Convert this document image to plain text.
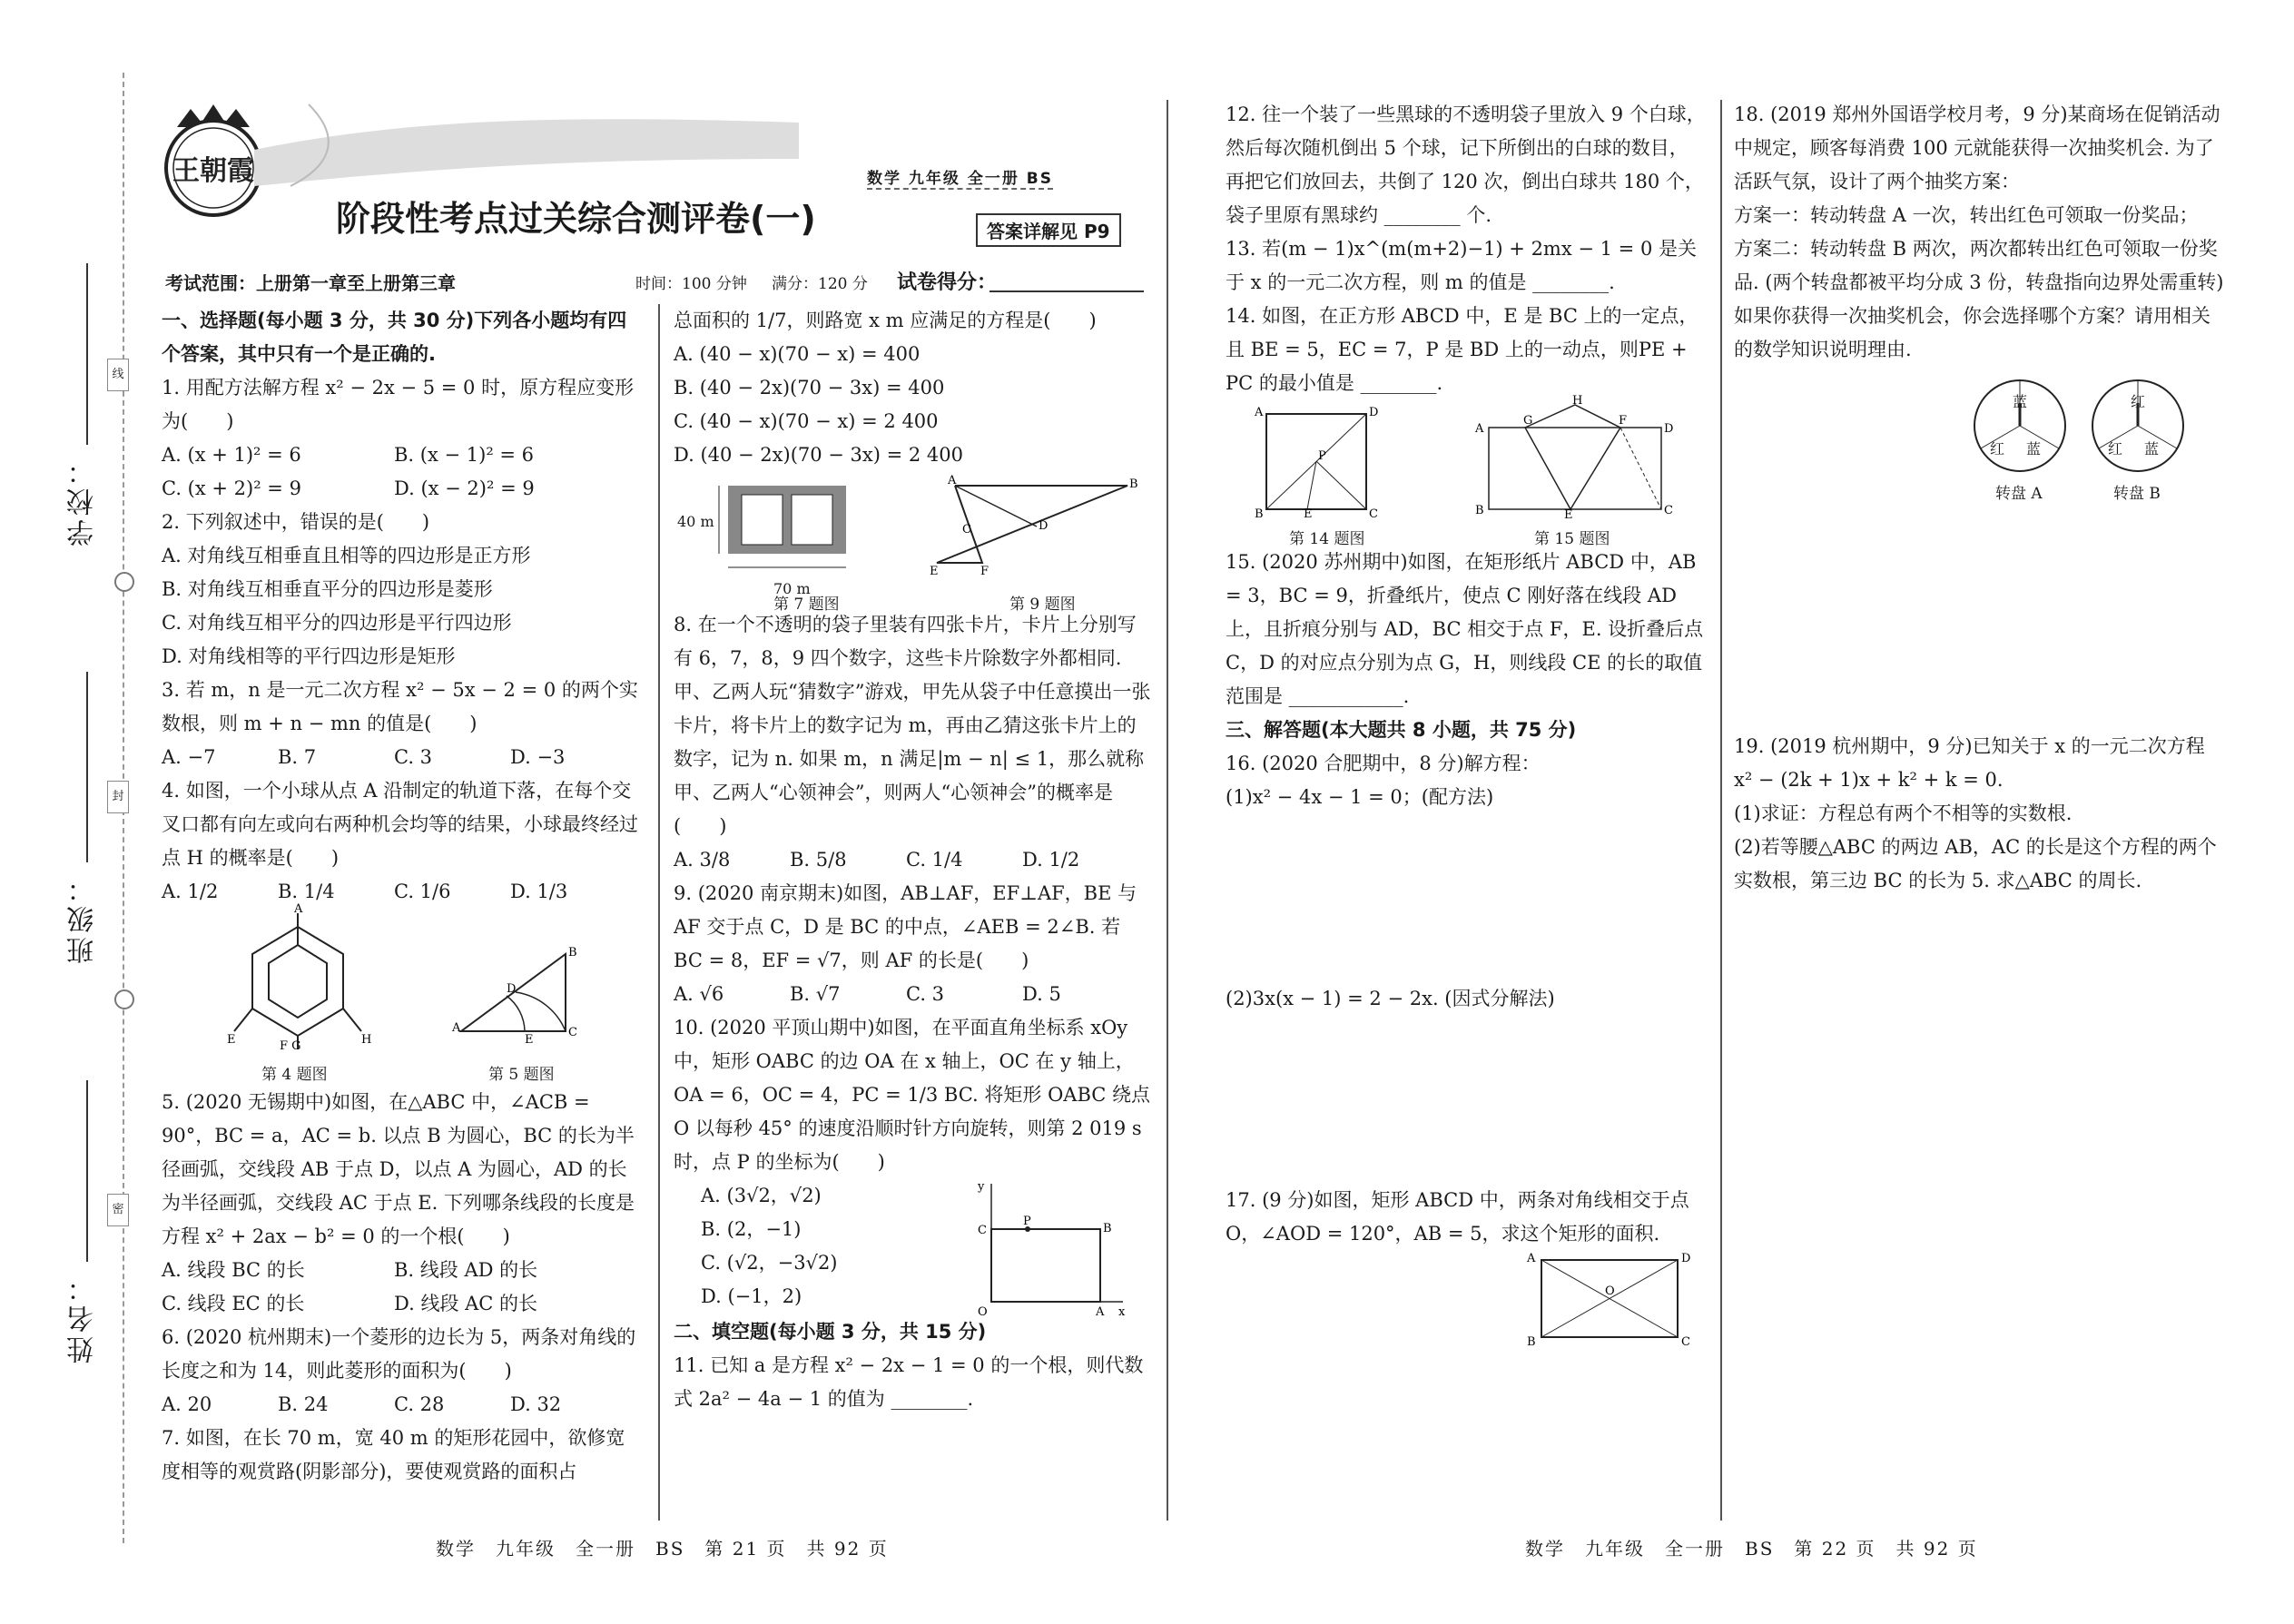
学校：
班级：
姓名：
线
封
密
王朝霞
阶段性考点过关综合测评卷(一)
数学 九年级 全一册 BS
答案详解见 P9
考试范围：上册第一章至上册第三章	时间：100 分钟 满分：120 分 试卷得分：

一、选择题(每小题 3 分，共 30 分)下列各小题均有四个答案，其中只有一个是正确的.

1. 用配方法解方程 x² − 2x − 5 = 0 时，原方程应变形为(　　)

A. (x + 1)² = 6	B. (x − 1)² = 6
C. (x + 2)² = 9	D. (x − 2)² = 9

2. 下列叙述中，错误的是(　　)

A. 对角线互相垂直且相等的四边形是正方形

B. 对角线互相垂直平分的四边形是菱形

C. 对角线互相平分的四边形是平行四边形

D. 对角线相等的平行四边形是矩形

3. 若 m，n 是一元二次方程 x² − 5x − 2 = 0 的两个实数根，则 m + n − mn 的值是(　　)

A. −7	B. 7	C. 3	D. −3

4. 如图，一个小球从点 A 沿制定的轨道下落，在每个交叉口都有向左或向右两种机会均等的结果，小球最终经过点 H 的概率是(　　)

A. 1/2	B. 1/4	C. 1/6	D. 1/3
A
E	F G	H
A
B
C
D
E
第 4 题图	第 5 题图

5. (2020 无锡期中)如图，在△ABC 中，∠ACB = 90°，BC = a，AC = b. 以点 B 为圆心，BC 的长为半径画弧，交线段 AB 于点 D，以点 A 为圆心，AD 的长为半径画弧，交线段 AC 于点 E. 下列哪条线段的长度是方程 x² + 2ax − b² = 0 的一个根(　　)

A. 线段 BC 的长	B. 线段 AD 的长
C. 线段 EC 的长	D. 线段 AC 的长

6. (2020 杭州期末)一个菱形的边长为 5，两条对角线的长度之和为 14，则此菱形的面积为(　　)

A. 20	B. 24	C. 28	D. 32

7. 如图，在长 70 m，宽 40 m 的矩形花园中，欲修宽度相等的观赏路(阴影部分)，要使观赏路的面积占

总面积的 1/7，则路宽 x m 应满足的方程是(　　)

A. (40 − x)(70 − x) = 400

B. (40 − 2x)(70 − 3x) = 400

C. (40 − x)(70 − x) = 2 400

D. (40 − 2x)(70 − 3x) = 2 400

40 m
70 m
A	B
C	D
E	F
第 7 题图	第 9 题图

8. 在一个不透明的袋子里装有四张卡片，卡片上分别写有 6，7，8，9 四个数字，这些卡片除数字外都相同. 甲、乙两人玩“猜数字”游戏，甲先从袋子中任意摸出一张卡片，将卡片上的数字记为 m，再由乙猜这张卡片上的数字，记为 n. 如果 m，n 满足|m − n| ≤ 1，那么就称甲、乙两人“心领神会”，则两人“心领神会”的概率是(　　)

A. 3/8	B. 5/8	C. 1/4	D. 1/2

9. (2020 南京期末)如图，AB⊥AF，EF⊥AF，BE 与 AF 交于点 C，D 是 BC 的中点，∠AEB = 2∠B. 若 BC = 8，EF = √7，则 AF 的长是(　　)

A. √6	B. √7	C. 3	D. 5

10. (2020 平顶山期中)如图，在平面直角坐标系 xOy 中，矩形 OABC 的边 OA 在 x 轴上，OC 在 y 轴上，OA = 6，OC = 4，PC = 1/3 BC. 将矩形 OABC 绕点 O 以每秒 45° 的速度沿顺时针方向旋转，则第 2 019 s 时，点 P 的坐标为(　　)

A. (3√2，√2)

B. (2，−1)

C. (√2，−3√2)

D. (−1，2)

x
y
O	A
B
C
P

二、填空题(每小题 3 分，共 15 分)

11. 已知 a 是方程 x² − 2x − 1 = 0 的一个根，则代数式 2a² − 4a − 1 的值为 ________.

12. 往一个装了一些黑球的不透明袋子里放入 9 个白球，然后每次随机倒出 5 个球，记下所倒出的白球的数目，再把它们放回去，共倒了 120 次，倒出白球共 180 个，袋子里原有黑球约 ________ 个.

13. 若(m − 1)x^(m(m+2)−1) + 2mx − 1 = 0 是关于 x 的一元二次方程，则 m 的值是 ________.

14. 如图，在正方形 ABCD 中，E 是 BC 上的一定点，且 BE = 5，EC = 7，P 是 BD 上的一动点，则PE + PC 的最小值是 ________.

A	D
B	E	C
P
A
G
H
F
D
B	E	C
第 14 题图	第 15 题图

15. (2020 苏州期中)如图，在矩形纸片 ABCD 中，AB = 3，BC = 9，折叠纸片，使点 C 刚好落在线段 AD 上，且折痕分别与 AD，BC 相交于点 F，E. 设折叠后点 C，D 的对应点分别为点 G，H，则线段 CE 的长的取值范围是 ____________.

三、解答题(本大题共 8 小题，共 75 分)

16. (2020 合肥期中，8 分)解方程：

(1)x² − 4x − 1 = 0；(配方法)

(2)3x(x − 1) = 2 − 2x. (因式分解法)

17. (9 分)如图，矩形 ABCD 中，两条对角线相交于点 O，∠AOD = 120°，AB = 5，求这个矩形的面积.

A	D
B	C
O

18. (2019 郑州外国语学校月考，9 分)某商场在促销活动中规定，顾客每消费 100 元就能获得一次抽奖机会. 为了活跃气氛，设计了两个抽奖方案：

方案一：转动转盘 A 一次，转出红色可领取一份奖品；

方案二：转动转盘 B 两次，两次都转出红色可领取一份奖品. (两个转盘都被平均分成 3 份，转盘指向边界处需重转)

如果你获得一次抽奖机会，你会选择哪个方案？请用相关的数学知识说明理由.

蓝
红 蓝
红
红 蓝
转盘 A	转盘 B

19. (2019 杭州期中，9 分)已知关于 x 的一元二次方程 x² − (2k + 1)x + k² + k = 0.

(1)求证：方程总有两个不相等的实数根.

(2)若等腰△ABC 的两边 AB，AC 的长是这个方程的两个实数根，第三边 BC 的长为 5. 求△ABC 的周长.

数学　九年级　全一册　BS　第 21 页　共 92 页	数学　九年级　全一册　BS　第 22 页　共 92 页
